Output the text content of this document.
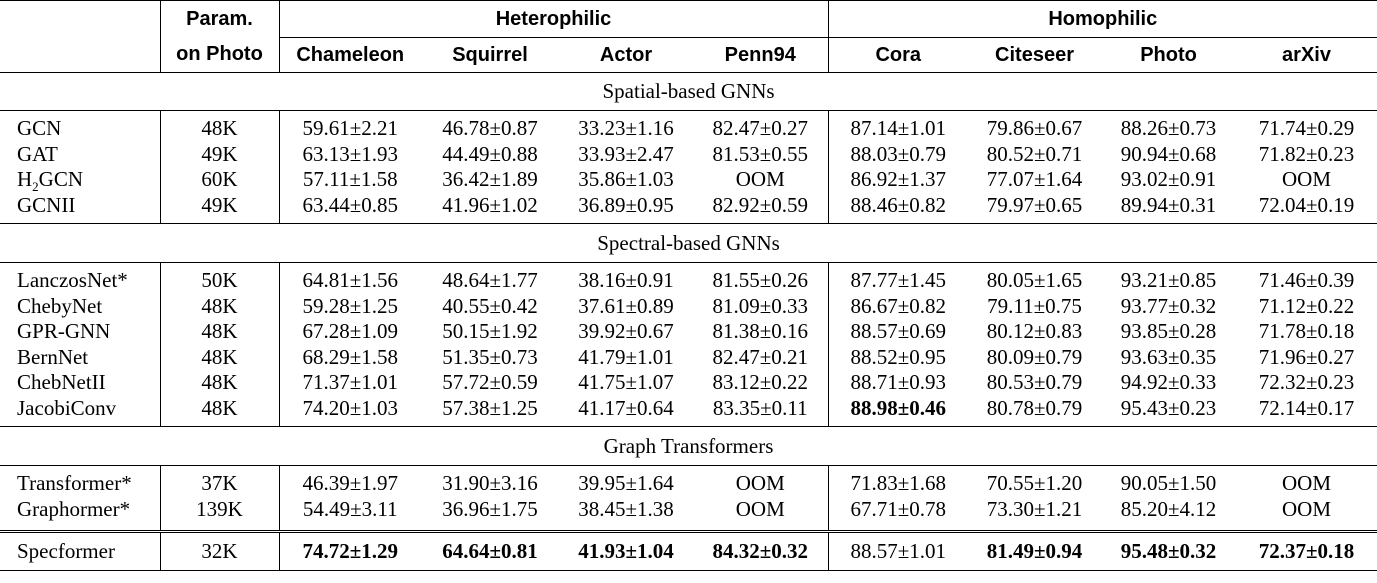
	Param.	Heterophilic				Homophilic			
	on Photo	Chameleon	Squirrel	Actor	Penn94	Cora	Citeseer	Photo	arXiv
Spatial-based GNNs									

GCN	48K	59.61±2.21	46.78±0.87	33.23±1.16	82.47±0.27	87.14±1.01	79.86±0.67	88.26±0.73	71.74±0.29
GAT	49K	63.13±1.93	44.49±0.88	33.93±2.47	81.53±0.55	88.03±0.79	80.52±0.71	90.94±0.68	71.82±0.23
$H_2GCN$	60K	57.11±1.58	36.42±1.89	35.86±1.03	OOM	86.92±1.37	77.07±1.64	93.02±0.91	OOM
GCNII	49K	63.44±0.85	41.96±1.02	36.89±0.95	82.92±0.59	88.46±0.82	79.97±0.65	89.94±0.31	72.04±0.19

Spectral-based GNNs									

LanczosNet*	50K	64.81±1.56	48.64±1.77	38.16±0.91	81.55±0.26	87.77±1.45	80.05±1.65	93.21±0.85	71.46±0.39
ChebyNet	48K	59.28±1.25	40.55±0.42	37.61±0.89	81.09±0.33	86.67±0.82	79.11±0.75	93.77±0.32	71.12±0.22
GPR-GNN	48K	67.28±1.09	50.15±1.92	39.92±0.67	81.38±0.16	88.57±0.69	80.12±0.83	93.85±0.28	71.78±0.18
BernNet	48K	68.29±1.58	51.35±0.73	41.79±1.01	82.47±0.21	88.52±0.95	80.09±0.79	93.63±0.35	71.96±0.27
ChebNetII	48K	71.37±1.01	57.72±0.59	41.75±1.07	83.12±0.22	88.71±0.93	80.53±0.79	94.92±0.33	72.32±0.23
JacobiConv	48K	74.20±1.03	57.38±1.25	41.17±0.64	83.35±0.11	88.98±0.46	80.78±0.79	95.43±0.23	72.14±0.17

Graph Transformers									

Transformer*	37K	46.39±1.97	31.90±3.16	39.95±1.64	OOM	71.83±1.68	70.55±1.20	90.05±1.50	OOM
Graphormer*	139K	54.49±3.11	36.96±1.75	38.45±1.38	OOM	67.71±0.78	73.30±1.21	85.20±4.12	OOM

Specformer	32K	74.72±1.29	64.64±0.81	41.93±1.04	84.32±0.32	88.57±1.01	81.49±0.94	95.48±0.32	72.37±0.18
